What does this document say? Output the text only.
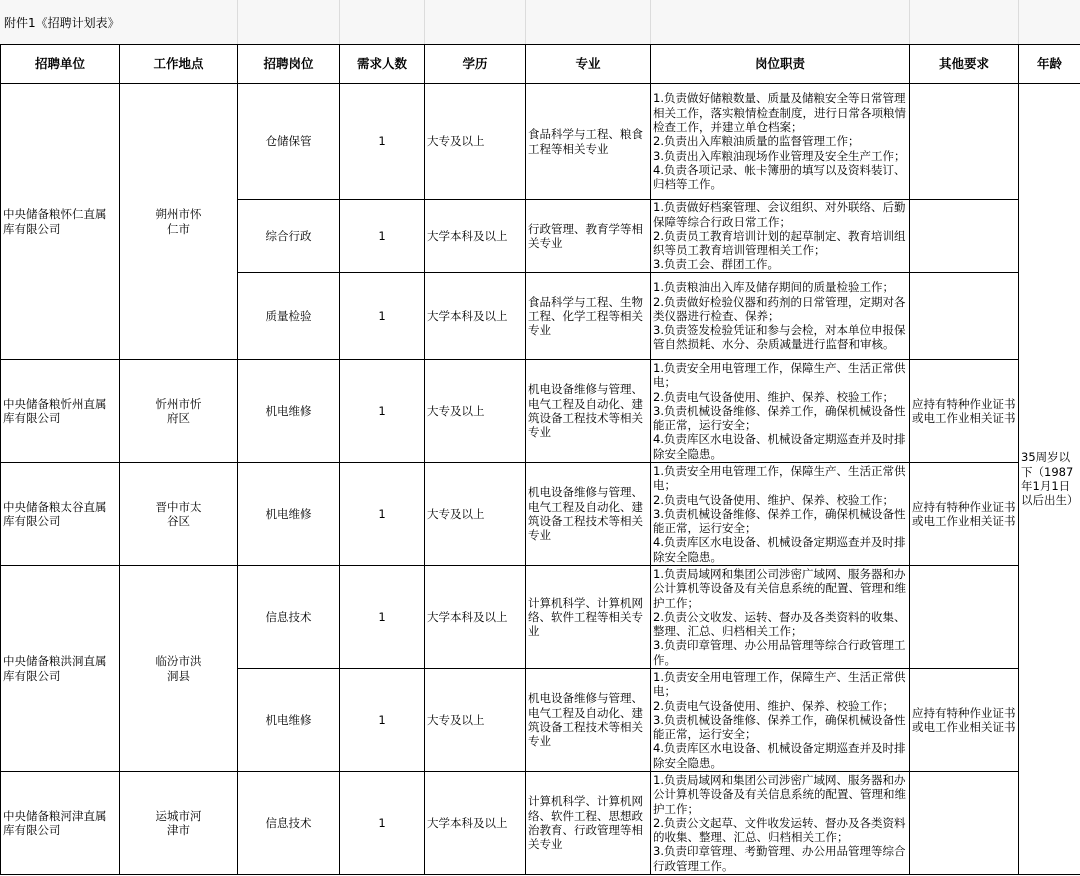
附件1《招聘计划表》
招聘单位	工作地点	招聘岗位	需求人数	学历	专业	岗位职责	其他要求	年龄
中央储备粮怀仁直属库有限公司	朔州市怀仁市	仓储保管	1	大专及以上	食品科学与工程、粮食工程等相关专业	1.负责做好储粮数量、质量及储粮安全等日常管理相关工作，落实粮情检查制度，进行日常各项粮情检查工作，并建立单仓档案；
2.负责出入库粮油质量的监督管理工作；
3.负责出入库粮油现场作业管理及安全生产工作；
4.负责各项记录、帐卡簿册的填写以及资料装订、归档等工作。		35周岁以下（1987年1月1日以后出生）
		综合行政	1	大学本科及以上	行政管理、教育学等相关专业	1.负责做好档案管理、会议组织、对外联络、后勤保障等综合行政日常工作；
2.负责员工教育培训计划的起草制定、教育培训组织等员工教育培训管理相关工作；
3.负责工会、群团工作。		

		质量检验	1	大学本科及以上	食品科学与工程、生物工程、化学工程等相关专业	1.负责粮油出入库及储存期间的质量检验工作；
2.负责做好检验仪器和药剂的日常管理，定期对各类仪器进行检查、保养；
3.负责签发检验凭证和参与会检，对本单位申报保管自然损耗、水分、杂质减量进行监督和审核。		

中央储备粮忻州直属库有限公司	忻州市忻府区	机电维修	1	大专及以上	机电设备维修与管理、电气工程及自动化、建筑设备工程技术等相关专业	1.负责安全用电管理工作，保障生产、生活正常供电；
2.负责电气设备使用、维护、保养、校验工作；
3.负责机械设备维修、保养工作，确保机械设备性能正常，运行安全；
4.负责库区水电设备、机械设备定期巡查并及时排除安全隐患。	应持有特种作业证书或电工作业相关证书	
中央储备粮太谷直属库有限公司	晋中市太谷区	机电维修	1	大专及以上	机电设备维修与管理、电气工程及自动化、建筑设备工程技术等相关专业	1.负责安全用电管理工作，保障生产、生活正常供电；
2.负责电气设备使用、维护、保养、校验工作；
3.负责机械设备维修、保养工作，确保机械设备性能正常，运行安全；
4.负责库区水电设备、机械设备定期巡查并及时排除安全隐患。	应持有特种作业证书或电工作业相关证书	
中央储备粮洪洞直属库有限公司	临汾市洪洞县	信息技术	1	大学本科及以上	计算机科学、计算机网络、软件工程等相关专业	1.负责局域网和集团公司涉密广域网、服务器和办公计算机等设备及有关信息系统的配置、管理和维护工作；
2.负责公文收发、运转、督办及各类资料的收集、整理、汇总、归档相关工作；
3.负责印章管理、办公用品管理等综合行政管理工作。		

		机电维修	1	大专及以上	机电设备维修与管理、电气工程及自动化、建筑设备工程技术等相关专业	1.负责安全用电管理工作，保障生产、生活正常供电；
2.负责电气设备使用、维护、保养、校验工作；
3.负责机械设备维修、保养工作，确保机械设备性能正常，运行安全；
4.负责库区水电设备、机械设备定期巡查并及时排除安全隐患。	应持有特种作业证书或电工作业相关证书	
中央储备粮河津直属库有限公司	运城市河津市	信息技术	1	大学本科及以上	计算机科学、计算机网络、软件工程、思想政治教育、行政管理等相关专业	1.负责局域网和集团公司涉密广域网、服务器和办公计算机等设备及有关信息系统的配置、管理和维护工作；
2.负责公文起草、文件收发运转、督办及各类资料的收集、整理、汇总、归档相关工作；
3.负责印章管理、考勤管理、办公用品管理等综合行政管理工作。		
